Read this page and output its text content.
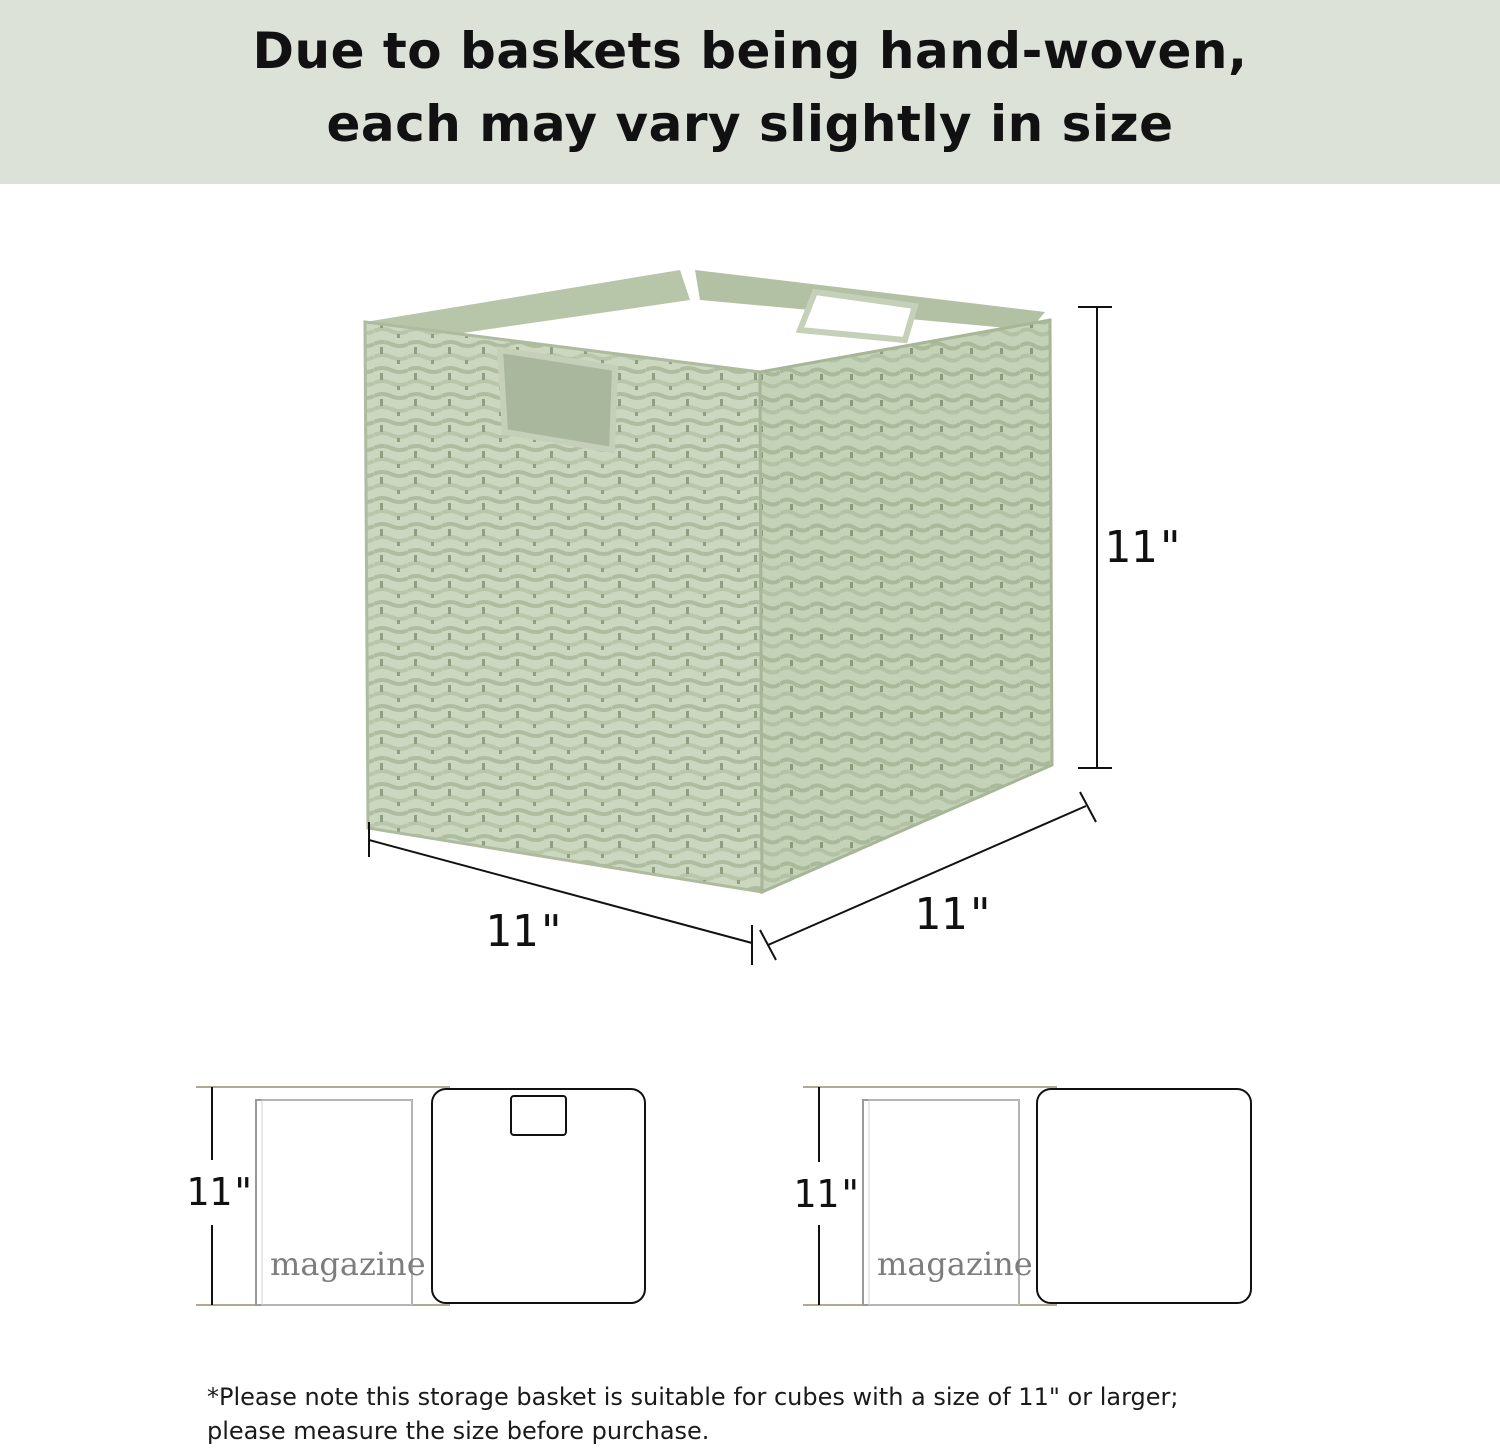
Due to baskets being hand-woven,
each may vary slightly in size
11"
11"	11"
11"
magazine
11"
magazine
*Please note this storage basket is suitable for cubes with a size of 11" or larger;
please measure the size before purchase.
